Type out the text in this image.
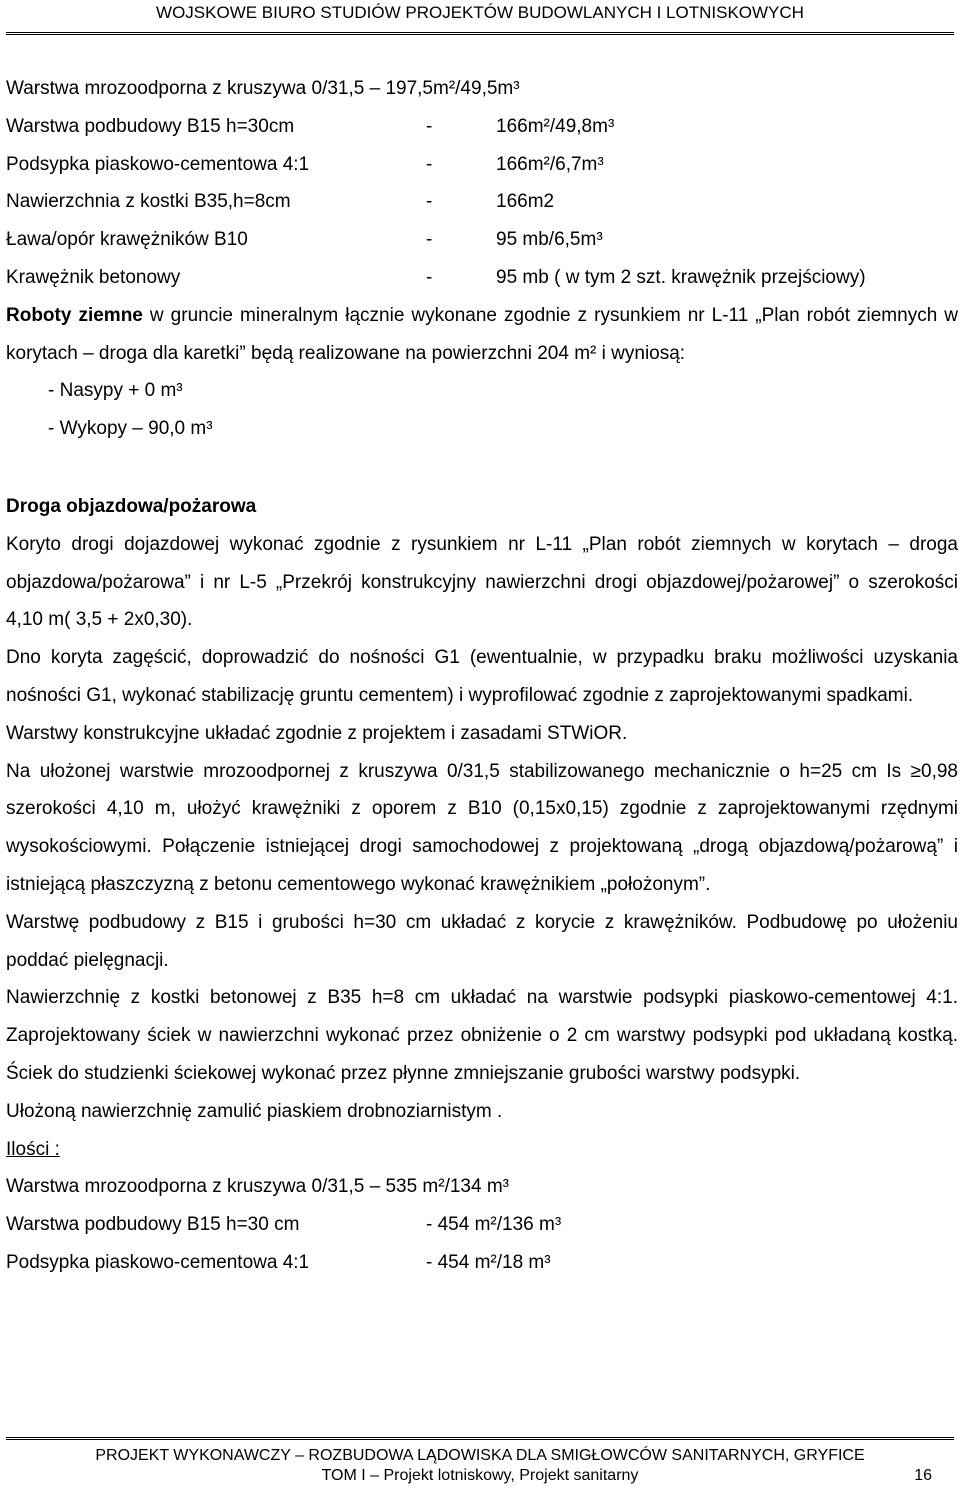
WOJSKOWE BIURO STUDIÓW PROJEKTÓW BUDOWLANYCH I LOTNISKOWYCH
Warstwa mrozoodporna z kruszywa 0/31,5 – 197,5m²/49,5m³
Warstwa podbudowy B15 h=30cm	-	166m²/49,8m³
Podsypka piaskowo-cementowa 4:1	-	166m²/6,7m³
Nawierzchnia z kostki B35,h=8cm	-	166m2
Ława/opór krawężników B10	-	95 mb/6,5m³
Krawężnik betonowy	-	95 mb ( w tym 2 szt. krawężnik przejściowy)

Roboty ziemne w gruncie mineralnym łącznie wykonane zgodnie z rysunkiem nr L-11 „Plan robót ziemnych w korytach – droga dla karetki” będą realizowane na powierzchni 204 m² i wyniosą:

- Nasypy + 0 m³
- Wykopy – 90,0 m³
Droga objazdowa/pożarowa

Koryto drogi dojazdowej wykonać zgodnie z rysunkiem nr L-11 „Plan robót ziemnych w korytach – droga objazdowa/pożarowa” i nr L-5 „Przekrój konstrukcyjny nawierzchni drogi objazdowej/pożarowej” o szerokości 4,10 m( 3,5 + 2x0,30).

Dno koryta zagęścić, doprowadzić do nośności G1 (ewentualnie, w przypadku braku możliwości uzyskania nośności G1, wykonać stabilizację gruntu cementem) i wyprofilować zgodnie z zaprojektowanymi spadkami.

Warstwy konstrukcyjne układać zgodnie z projektem i zasadami STWiOR.

Na ułożonej warstwie mrozoodpornej z kruszywa 0/31,5 stabilizowanego mechanicznie o h=25 cm Is ≥0,98 szerokości 4,10 m, ułożyć krawężniki z oporem z B10 (0,15x0,15) zgodnie z zaprojektowanymi rzędnymi wysokościowymi. Połączenie istniejącej drogi samochodowej z projektowaną „drogą objazdową/pożarową” i istniejącą płaszczyzną z betonu cementowego wykonać krawężnikiem „położonym”.

Warstwę podbudowy z B15 i grubości h=30 cm układać z korycie z krawężników. Podbudowę po ułożeniu poddać pielęgnacji.

Nawierzchnię z kostki betonowej z B35 h=8 cm układać na warstwie podsypki piaskowo-cementowej 4:1. Zaprojektowany ściek w nawierzchni wykonać przez obniżenie o 2 cm warstwy podsypki pod układaną kostką. Ściek do studzienki ściekowej wykonać przez płynne zmniejszanie grubości warstwy podsypki.

Ułożoną nawierzchnię zamulić piaskiem drobnoziarnistym .

Ilości :
Warstwa mrozoodporna z kruszywa 0/31,5 – 535 m²/134 m³
Warstwa podbudowy B15 h=30 cm	- 454 m²/136 m³
Podsypka piaskowo-cementowa 4:1	- 454 m²/18 m³
PROJEKT WYKONAWCZY – ROZBUDOWA LĄDOWISKA DLA SMIGŁOWCÓW SANITARNYCH, GRYFICE
TOM I – Projekt lotniskowy, Projekt sanitarny	16
